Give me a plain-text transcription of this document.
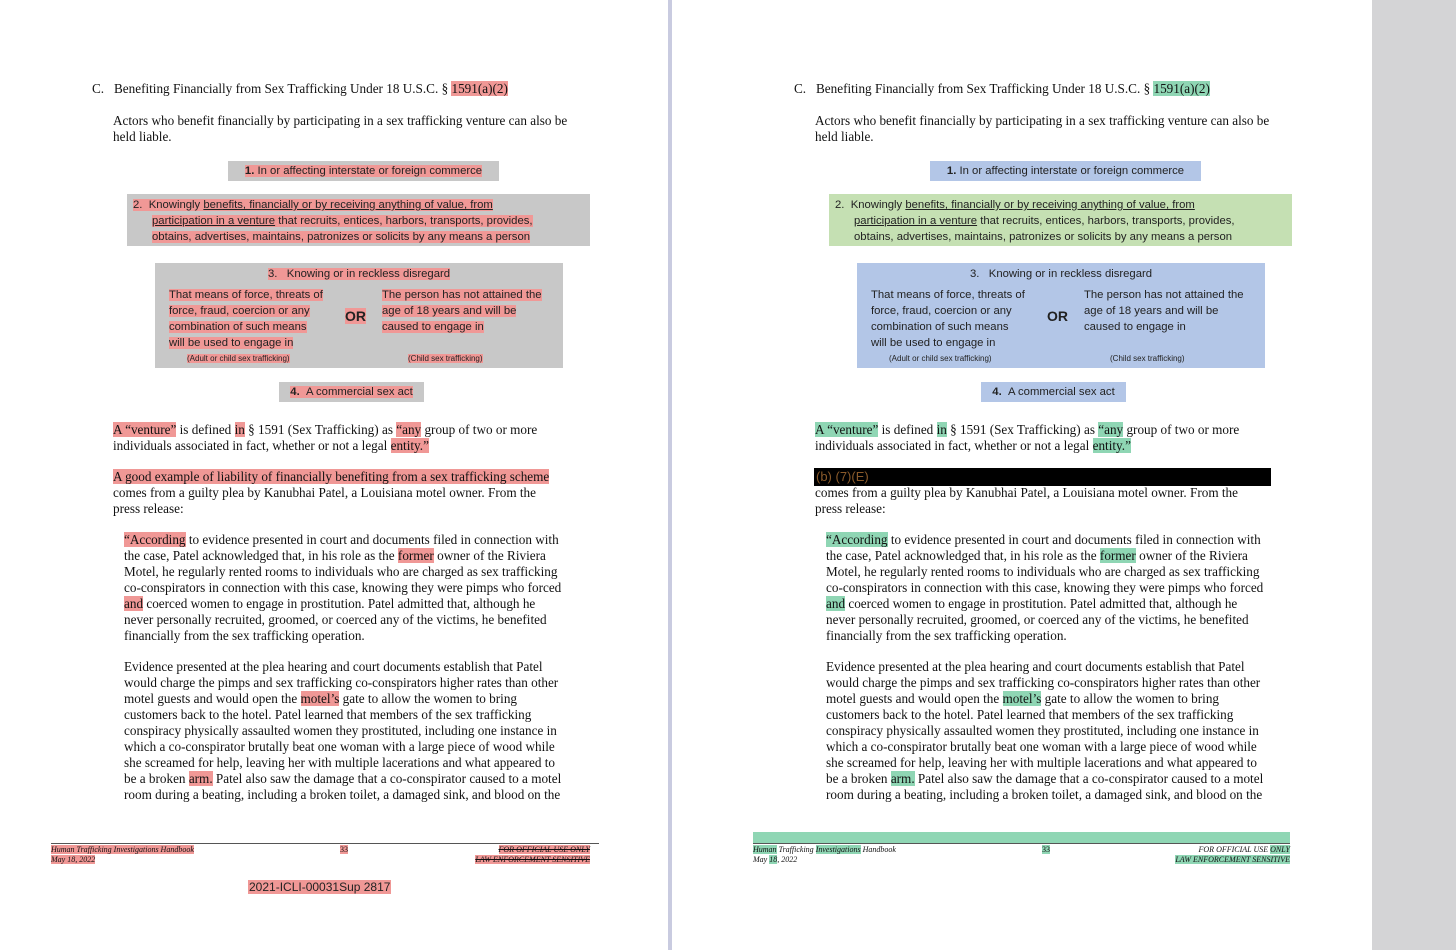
C. Benefiting Financially from Sex Trafficking Under 18 U.S.C. § 1591(a)(2)
Actors who benefit financially by participating in a sex trafficking venture can also be
held liable.
1. In or affecting interstate or foreign commerce
2. Knowingly benefits, financially or by receiving anything of value, from
participation in a venture that recruits, entices, harbors, transports, provides,
obtains, advertises, maintains, patronizes or solicits by any means a person
3. Knowing or in reckless disregard
That means of force, threats of
force, fraud, coercion or any
combination of such means
will be used to engage in
OR
The person has not attained the
age of 18 years and will be
caused to engage in
(Adult or child sex trafficking)	(Child sex trafficking)
4. A commercial sex act
A “venture” is defined in § 1591 (Sex Trafficking) as “any group of two or more
individuals associated in fact, whether or not a legal entity.”
A good example of liability of financially benefiting from a sex trafficking scheme
comes from a guilty plea by Kanubhai Patel, a Louisiana motel owner. From the
press release:
“According to evidence presented in court and documents filed in connection with
the case, Patel acknowledged that, in his role as the former owner of the Riviera
Motel, he regularly rented rooms to individuals who are charged as sex trafficking
co-conspirators in connection with this case, knowing they were pimps who forced
and coerced women to engage in prostitution. Patel admitted that, although he
never personally recruited, groomed, or coerced any of the victims, he benefited
financially from the sex trafficking operation.
Evidence presented at the plea hearing and court documents establish that Patel
would charge the pimps and sex trafficking co-conspirators higher rates than other
motel guests and would open the motel’s gate to allow the women to bring
customers back to the hotel. Patel learned that members of the sex trafficking
conspiracy physically assaulted women they prostituted, including one instance in
which a co-conspirator brutally beat one woman with a large piece of wood while
she screamed for help, leaving her with multiple lacerations and what appeared to
be a broken arm. Patel also saw the damage that a co-conspirator caused to a motel
room during a beating, including a broken toilet, a damaged sink, and blood on the
Human Trafficking Investigations Handbook
May 18, 2022
33	FOR OFFICIAL USE ONLY
LAW ENFORCEMENT SENSITIVE
2021-ICLI-00031Sup 2817
C. Benefiting Financially from Sex Trafficking Under 18 U.S.C. § 1591(a)(2)
Actors who benefit financially by participating in a sex trafficking venture can also be
held liable.
1. In or affecting interstate or foreign commerce
2. Knowingly benefits, financially or by receiving anything of value, from
participation in a venture that recruits, entices, harbors, transports, provides,
obtains, advertises, maintains, patronizes or solicits by any means a person
3. Knowing or in reckless disregard
That means of force, threats of
force, fraud, coercion or any
combination of such means
will be used to engage in
OR
The person has not attained the
age of 18 years and will be
caused to engage in
(Adult or child sex trafficking)	(Child sex trafficking)
4. A commercial sex act
A “venture” is defined in § 1591 (Sex Trafficking) as “any group of two or more
individuals associated in fact, whether or not a legal entity.”
(b) (7)(E)
comes from a guilty plea by Kanubhai Patel, a Louisiana motel owner. From the
press release:
“According to evidence presented in court and documents filed in connection with
the case, Patel acknowledged that, in his role as the former owner of the Riviera
Motel, he regularly rented rooms to individuals who are charged as sex trafficking
co-conspirators in connection with this case, knowing they were pimps who forced
and coerced women to engage in prostitution. Patel admitted that, although he
never personally recruited, groomed, or coerced any of the victims, he benefited
financially from the sex trafficking operation.
Evidence presented at the plea hearing and court documents establish that Patel
would charge the pimps and sex trafficking co-conspirators higher rates than other
motel guests and would open the motel’s gate to allow the women to bring
customers back to the hotel. Patel learned that members of the sex trafficking
conspiracy physically assaulted women they prostituted, including one instance in
which a co-conspirator brutally beat one woman with a large piece of wood while
she screamed for help, leaving her with multiple lacerations and what appeared to
be a broken arm. Patel also saw the damage that a co-conspirator caused to a motel
room during a beating, including a broken toilet, a damaged sink, and blood on the
Human Trafficking Investigations Handbook
May 18, 2022
33	FOR OFFICIAL USE ONLY
LAW ENFORCEMENT SENSITIVE
